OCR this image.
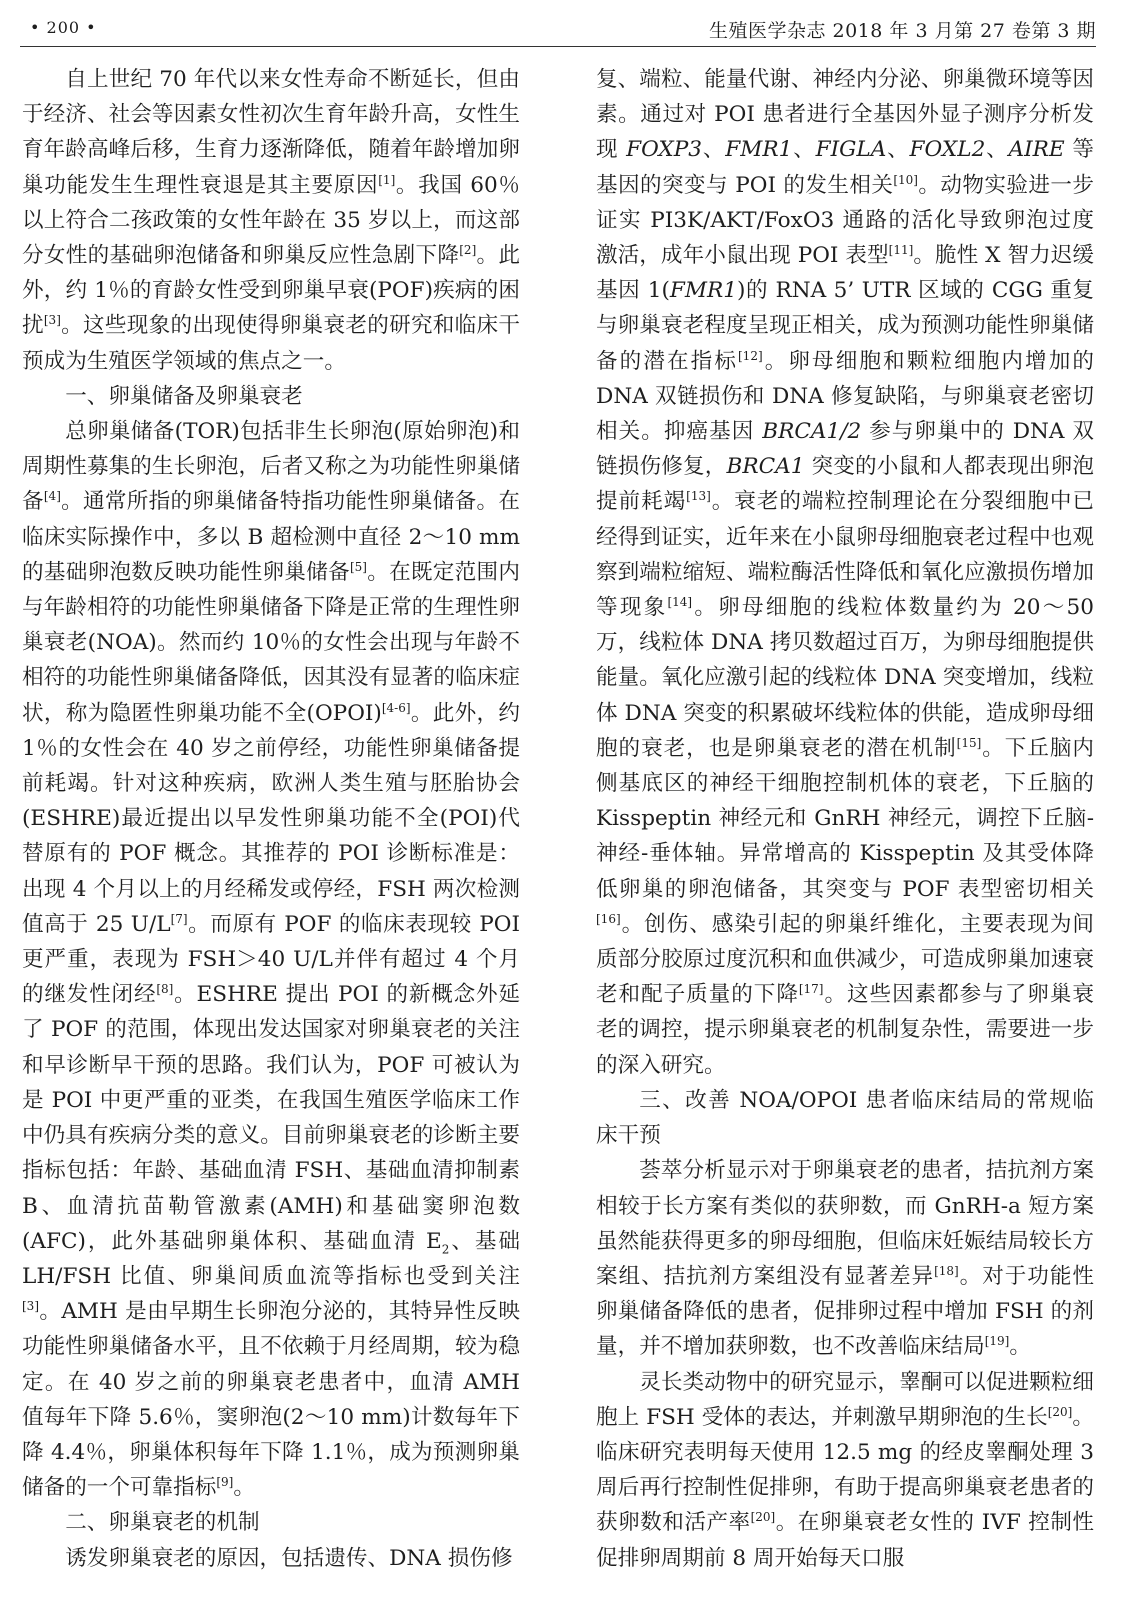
• 200 •	生殖医学杂志 2018 年 3 月第 27 卷第 3 期

自上世纪 70 年代以来女性寿命不断延长，但由于经济、社会等因素女性初次生育年龄升高，女性生育年龄高峰后移，生育力逐渐降低，随着年龄增加卵巢功能发生生理性衰退是其主要原因[1]。我国 60％以上符合二孩政策的女性年龄在 35 岁以上，而这部分女性的基础卵泡储备和卵巢反应性急剧下降[2]。此外，约 1％的育龄女性受到卵巢早衰(POF)疾病的困扰[3]。这些现象的出现使得卵巢衰老的研究和临床干预成为生殖医学领域的焦点之一。

一、卵巢储备及卵巢衰老

总卵巢储备(TOR)包括非生长卵泡(原始卵泡)和周期性募集的生长卵泡，后者又称之为功能性卵巢储备[4]。通常所指的卵巢储备特指功能性卵巢储备。在临床实际操作中，多以 B 超检测中直径 2～10 mm 的基础卵泡数反映功能性卵巢储备[5]。在既定范围内与年龄相符的功能性卵巢储备下降是正常的生理性卵巢衰老(NOA)。然而约 10％的女性会出现与年龄不相符的功能性卵巢储备降低，因其没有显著的临床症状，称为隐匿性卵巢功能不全(OPOI)[4-6]。此外，约 1％的女性会在 40 岁之前停经，功能性卵巢储备提前耗竭。针对这种疾病，欧洲人类生殖与胚胎协会(ESHRE)最近提出以早发性卵巢功能不全(POI)代替原有的 POF 概念。其推荐的 POI 诊断标准是：出现 4 个月以上的月经稀发或停经，FSH 两次检测值高于 25 U/L[7]。而原有 POF 的临床表现较 POI 更严重，表现为 FSH＞40 U/L并伴有超过 4 个月的继发性闭经[8]。ESHRE 提出 POI 的新概念外延了 POF 的范围，体现出发达国家对卵巢衰老的关注和早诊断早干预的思路。我们认为，POF 可被认为是 POI 中更严重的亚类，在我国生殖医学临床工作中仍具有疾病分类的意义。目前卵巢衰老的诊断主要指标包括：年龄、基础血清 FSH、基础血清抑制素 B、血清抗苗勒管激素(AMH)和基础窦卵泡数(AFC)，此外基础卵巢体积、基础血清 $E_2$、基础 LH/FSH 比值、卵巢间质血流等指标也受到关注[3]。AMH 是由早期生长卵泡分泌的，其特异性反映功能性卵巢储备水平，且不依赖于月经周期，较为稳定。在 40 岁之前的卵巢衰老患者中，血清 AMH 值每年下降 5.6％，窦卵泡(2～10 mm)计数每年下降 4.4％，卵巢体积每年下降 1.1％，成为预测卵巢储备的一个可靠指标[9]。

二、卵巢衰老的机制

诱发卵巢衰老的原因，包括遗传、DNA 损伤修

复、端粒、能量代谢、神经内分泌、卵巢微环境等因素。通过对 POI 患者进行全基因外显子测序分析发现 FOXP3、FMR1、FIGLA、FOXL2、AIRE 等基因的突变与 POI 的发生相关[10]。动物实验进一步证实 PI3K/AKT/FoxO3 通路的活化导致卵泡过度激活，成年小鼠出现 POI 表型[11]。脆性 X 智力迟缓基因 1(FMR1)的 RNA 5’ UTR 区域的 CGG 重复与卵巢衰老程度呈现正相关，成为预测功能性卵巢储备的潜在指标[12]。卵母细胞和颗粒细胞内增加的 DNA 双链损伤和 DNA 修复缺陷，与卵巢衰老密切相关。抑癌基因 BRCA1/2 参与卵巢中的 DNA 双链损伤修复，BRCA1 突变的小鼠和人都表现出卵泡提前耗竭[13]。衰老的端粒控制理论在分裂细胞中已经得到证实，近年来在小鼠卵母细胞衰老过程中也观察到端粒缩短、端粒酶活性降低和氧化应激损伤增加等现象[14]。卵母细胞的线粒体数量约为 20～50 万，线粒体 DNA 拷贝数超过百万，为卵母细胞提供能量。氧化应激引起的线粒体 DNA 突变增加，线粒体 DNA 突变的积累破坏线粒体的供能，造成卵母细胞的衰老，也是卵巢衰老的潜在机制[15]。下丘脑内侧基底区的神经干细胞控制机体的衰老，下丘脑的 Kisspeptin 神经元和 GnRH 神经元，调控下丘脑-神经-垂体轴。异常增高的 Kisspeptin 及其受体降低卵巢的卵泡储备，其突变与 POF 表型密切相关[16]。创伤、感染引起的卵巢纤维化，主要表现为间质部分胶原过度沉积和血供减少，可造成卵巢加速衰老和配子质量的下降[17]。这些因素都参与了卵巢衰老的调控，提示卵巢衰老的机制复杂性，需要进一步的深入研究。

三、改善 NOA/OPOI 患者临床结局的常规临床干预

荟萃分析显示对于卵巢衰老的患者，拮抗剂方案相较于长方案有类似的获卵数，而 GnRH-a 短方案虽然能获得更多的卵母细胞，但临床妊娠结局较长方案组、拮抗剂方案组没有显著差异[18]。对于功能性卵巢储备降低的患者，促排卵过程中增加 FSH 的剂量，并不增加获卵数，也不改善临床结局[19]。

灵长类动物中的研究显示，睾酮可以促进颗粒细胞上 FSH 受体的表达，并刺激早期卵泡的生长[20]。临床研究表明每天使用 12.5 mg 的经皮睾酮处理 3 周后再行控制性促排卵，有助于提高卵巢衰老患者的获卵数和活产率[20]。在卵巢衰老女性的 IVF 控制性促排卵周期前 8 周开始每天口服
